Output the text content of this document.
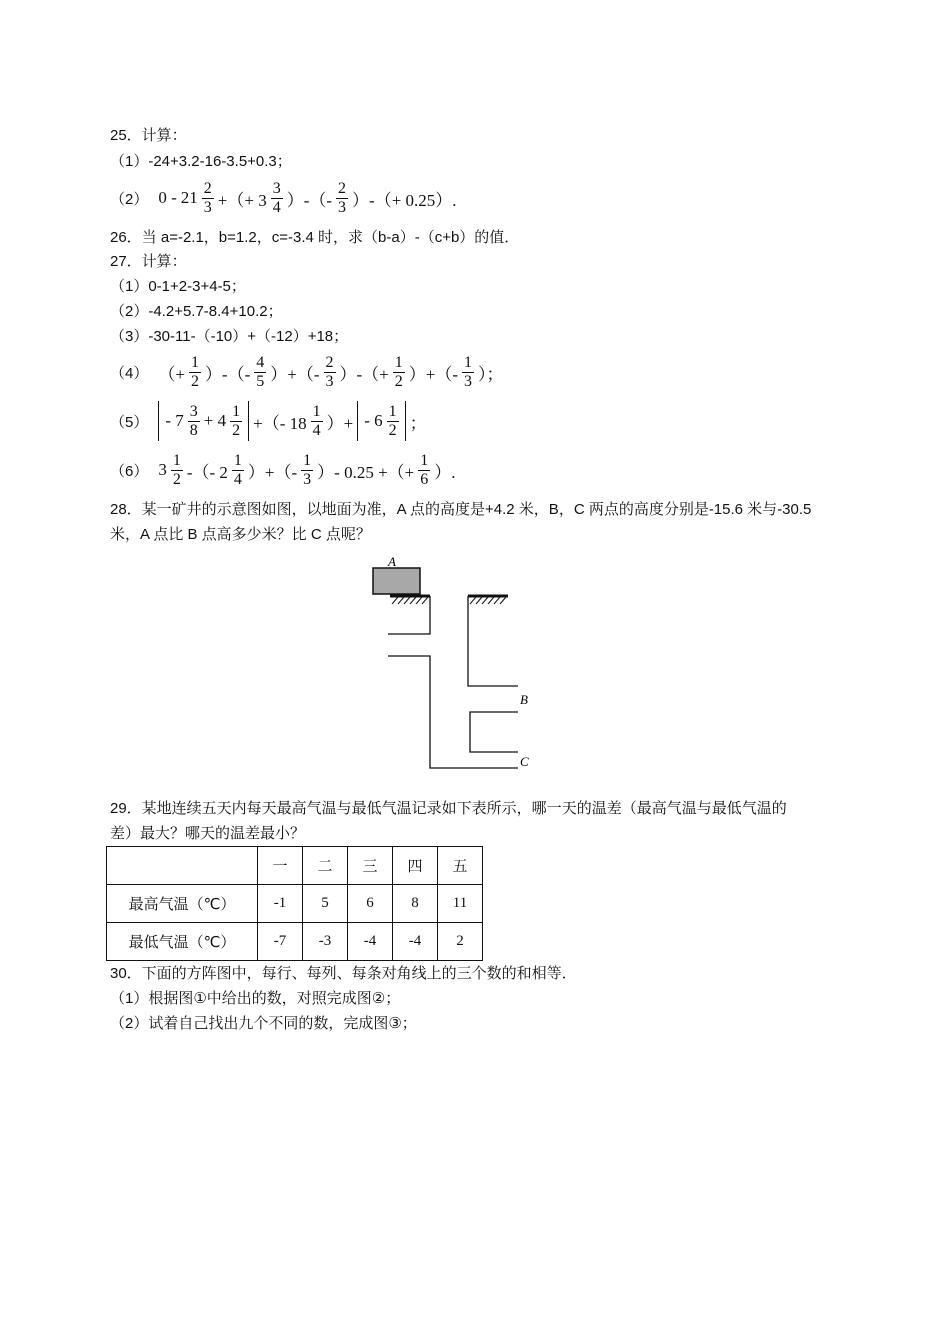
25．计算：
（1）-24+3.2-16-3.5+0.3；
（2） $0 - 21 \frac{2}{3}$ +（+ $3 \frac{3}{4}$ ）-（- $\frac{2}{3}$ ）-（+ 0.25）.
26．当 a=-2.1，b=1.2，c=-3.4 时，求（b-a）-（c+b）的值．
27．计算：
（1）0-1+2-3+4-5；
（2）-4.2+5.7-8.4+10.2；
（3）-30-11-（-10）+（-12）+18；
（4） （+ $\frac{1}{2}$ ）-（- $\frac{4}{5}$ ）+（- $\frac{2}{3}$ ）-（+ $\frac{1}{2}$ ）+（- $\frac{1}{3}$ ）；
$(5) - 7 \frac{3}{8} + 4 \frac{1}{2}$ +（- $18 \frac{1}{4}$ ）+ - $6 \frac{1}{2}$ ；
（6） $3 \frac{1}{2}$ -（- $2 \frac{1}{4}$ ）+（- $\frac{1}{3}$ ）- 0.25 +（+ $\frac{1}{6}$ ）.
28．某一矿井的示意图如图，以地面为准，A 点的高度是+4.2 米，B，C 两点的高度分别是-15.6 米与-30.5
米，A 点比 B 点高多少米？比 C 点呢？
A
B
C
29．某地连续五天内每天最高气温与最低气温记录如下表所示，哪一天的温差（最高气温与最低气温的
差）最大？哪天的温差最小？
	一	二	三	四	五
最高气温（℃）	-1	5	6	8	11
最低气温（℃）	-7	-3	-4	-4	2
30．下面的方阵图中，每行、每列、每条对角线上的三个数的和相等．
（1）根据图①中给出的数，对照完成图②；
（2）试着自己找出九个不同的数，完成图③；
